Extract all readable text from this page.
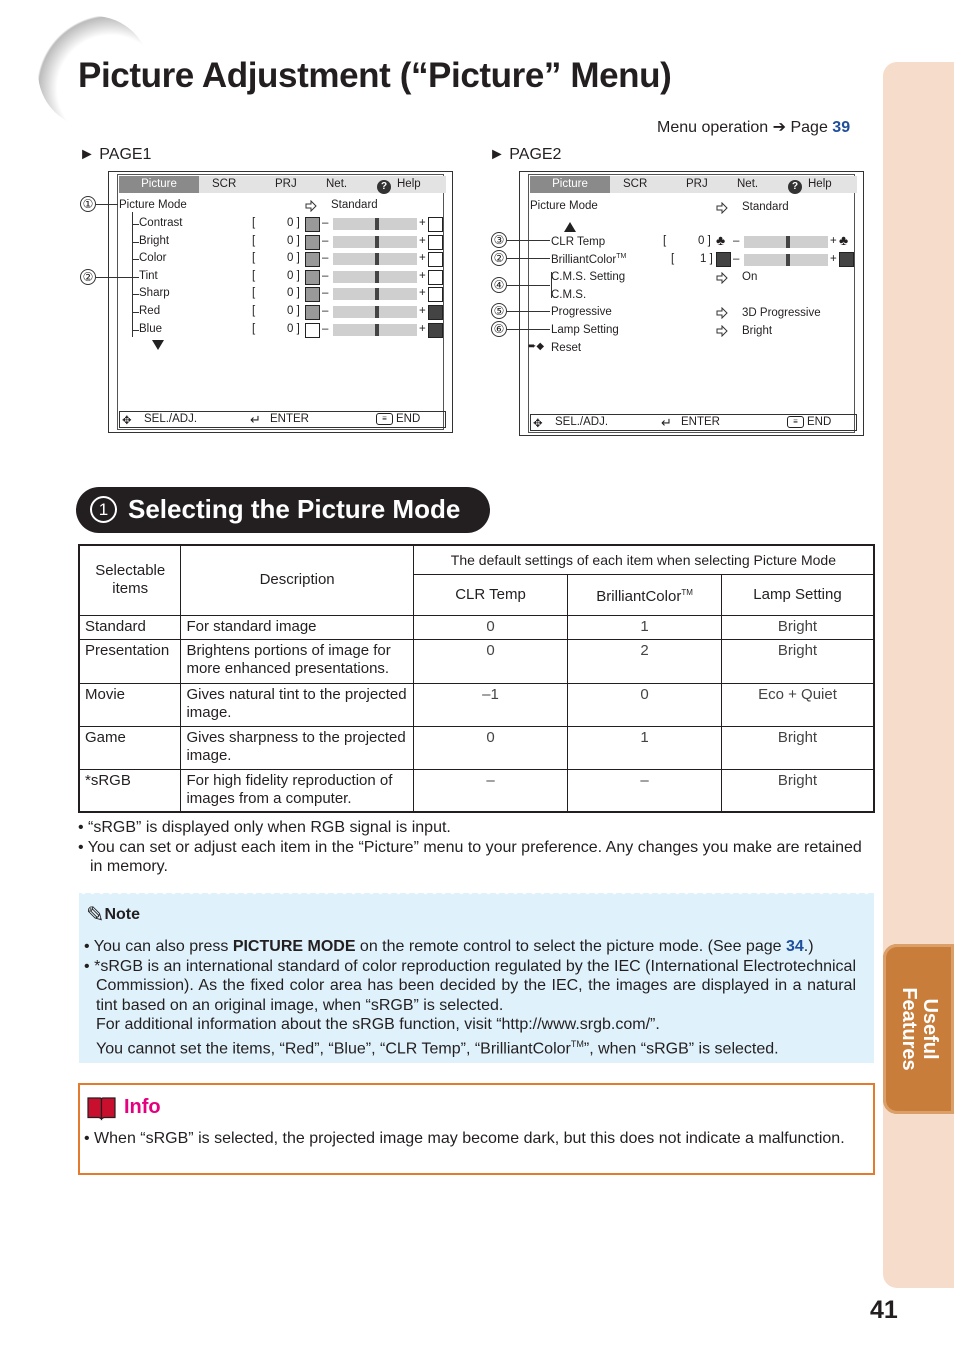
Picture Adjustment (“Picture” Menu)
Useful
Features
41
Menu operation ➔ Page 39
► PAGE1	► PAGE2
Picture	SCR	PRJ	Net.	? Help
Picture Mode	Standard
✥ SEL./ADJ.	↵ ENTER	≡ END
Contrast	[	0 ] –	+
Bright	[	0 ] –	+
Color	[	0 ] –	+
Tint	[	0 ] –	+
Sharp	[	0 ] –	+
Red	[	0 ] –	+
Blue	[	0 ] –	+
①
②
Picture	SCR	PRJ	Net.	? Help
Picture Mode	Standard
CLR Temp	[	0 ] ♣ –	+ ♣
BrilliantColor™	[ 1 ] –	+
C.M.S. Setting	On
C.M.S.
Progressive	3D Progressive
Lamp Setting	Bright
➨◆ Reset
✥ SEL./ADJ.	↵ ENTER	≡ END
③
②
④
⑤
⑥
1 Selecting the Picture Mode
Selectable items	Description	The default settings of each item when selecting Picture Mode		
		CLR Temp	BrilliantColor™	Lamp Setting
Standard	For standard image	0	1	Bright
Presentation	Brightens portions of image for more enhanced presentations.	0	2	Bright
Movie	Gives natural tint to the projected image.	–1	0	Eco + Quiet
Game	Gives sharpness to the projected image.	0	1	Bright
*sRGB	For high fidelity reproduction of images from a computer.	–	–	Bright

• “sRGB” is displayed only when RGB signal is input.

• You can set or adjust each item in the “Picture” menu to your preference. Any changes you make are retained in memory.

✎Note

• You can also press PICTURE MODE on the remote control to select the picture mode. (See page 34.)

• *sRGB is an international standard of color reproduction regulated by the IEC (International Electrotechnical Commission). As the fixed color area has been decided by the IEC, the images are displayed in a natural tint based on an original image, when “sRGB” is selected.

For additional information about the sRGB function, visit “http://www.srgb.com/”.

You cannot set the items, “Red”, “Blue”, “CLR Temp”, “BrilliantColor™”, when “sRGB” is selected.

Info
• When “sRGB” is selected, the projected image may become dark, but this does not indicate a malfunction.
